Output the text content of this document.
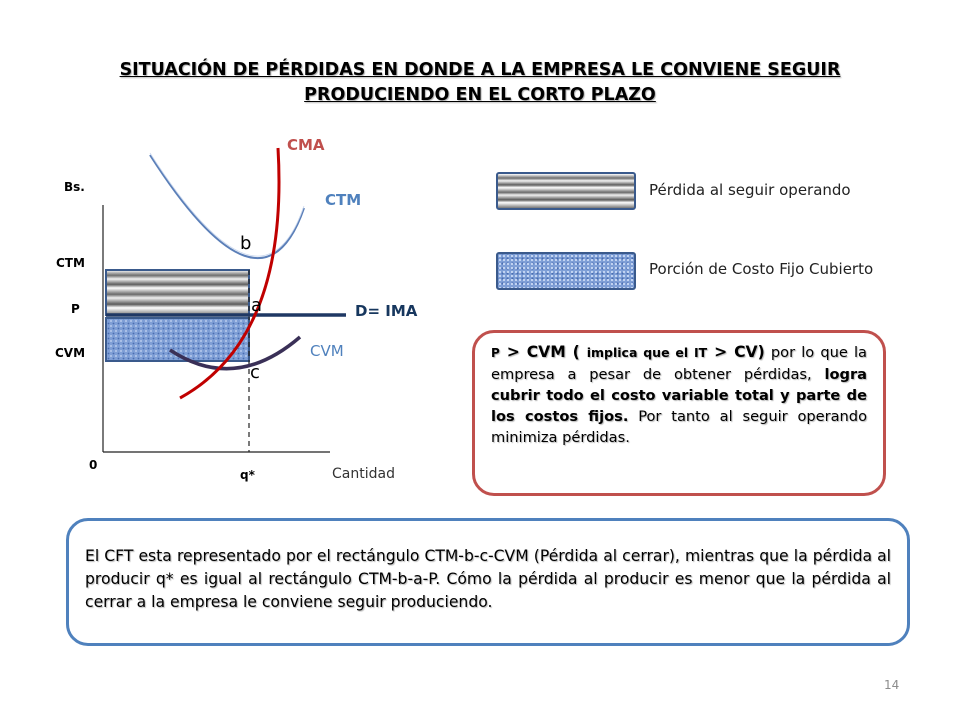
SITUACIÓN DE PÉRDIDAS EN DONDE A LA EMPRESA LE CONVIENE SEGUIR
PRODUCIENDO EN EL CORTO PLAZO
Bs.
CTM
P
CVM
0
q*	Cantidad
CMA
CTM
D= IMA
CVM
b
a
c
Pérdida al seguir operando
Porción de Costo Fijo Cubierto

P > CVM ( implica que el IT > CV) por lo que la empresa a pesar de obtener pérdidas, logra cubrir todo el costo variable total y parte de los costos fijos. Por tanto al seguir operando minimiza pérdidas.

El CFT esta representado por el rectángulo CTM-b-c-CVM (Pérdida al cerrar), mientras que la pérdida al producir q* es igual al rectángulo CTM-b-a-P. Cómo la pérdida al producir es menor que la pérdida al cerrar a la empresa le conviene seguir produciendo.

14
